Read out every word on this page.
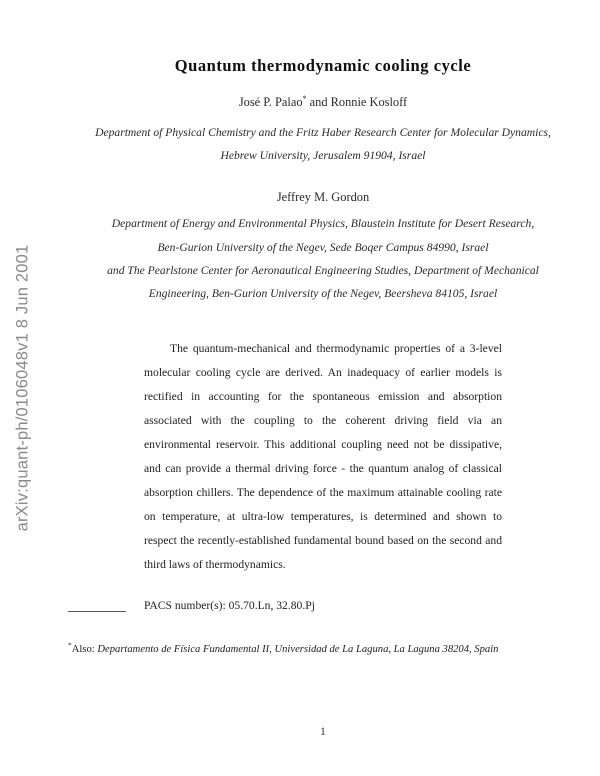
arXiv:quant-ph/0106048v1 8 Jun 2001
Quantum thermodynamic cooling cycle

José P. Palao* and Ronnie Kosloff

Department of Physical Chemistry and the Fritz Haber Research Center for Molecular Dynamics,
Hebrew University, Jerusalem 91904, Israel

Jeffrey M. Gordon

Department of Energy and Environmental Physics, Blaustein Institute for Desert Research,
Ben-Gurion University of the Negev, Sede Boqer Campus 84990, Israel
and The Pearlstone Center for Aeronautical Engineering Studies, Department of Mechanical
Engineering, Ben-Gurion University of the Negev, Beersheva 84105, Israel

The quantum-mechanical and thermodynamic properties of a 3-level molecular cooling cycle are derived. An inadequacy of earlier models is rectified in accounting for the spontaneous emission and absorption associated with the coupling to the coherent driving field via an environmental reservoir. This additional coupling need not be dissipative, and can provide a thermal driving force - the quantum analog of classical absorption chillers. The dependence of the maximum attainable cooling rate on temperature, at ultra-low temperatures, is determined and shown to respect the recently-established fundamental bound based on the second and third laws of thermodynamics.

PACS number(s): 05.70.Ln, 32.80.Pj

*Also: Departamento de Física Fundamental II, Universidad de La Laguna, La Laguna 38204, Spain

1
